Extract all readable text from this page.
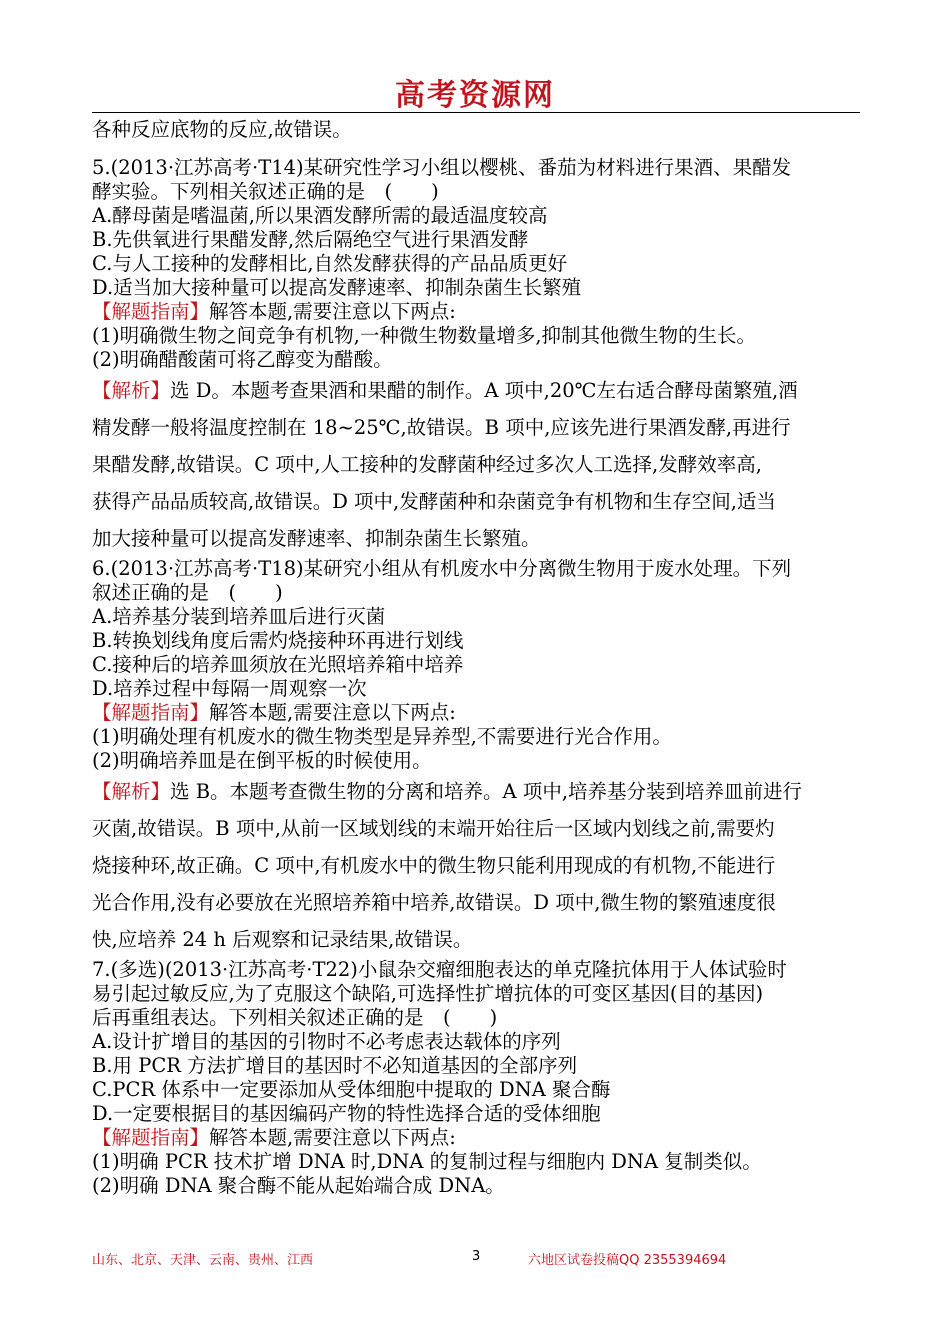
高考资源网
各种反应底物的反应,故错误。
5.(2013·江苏高考·T14)某研究性学习小组以樱桃、番茄为材料进行果酒、果醋发
酵实验。下列相关叙述正确的是　(　　)
A.酵母菌是嗜温菌,所以果酒发酵所需的最适温度较高
B.先供氧进行果醋发酵,然后隔绝空气进行果酒发酵
C.与人工接种的发酵相比,自然发酵获得的产品品质更好
D.适当加大接种量可以提高发酵速率、抑制杂菌生长繁殖
【解题指南】解答本题,需要注意以下两点:
(1)明确微生物之间竞争有机物,一种微生物数量增多,抑制其他微生物的生长。
(2)明确醋酸菌可将乙醇变为醋酸。
【解析】选 D。本题考查果酒和果醋的制作。A 项中,20℃左右适合酵母菌繁殖,酒
精发酵一般将温度控制在 18~25℃,故错误。B 项中,应该先进行果酒发酵,再进行
果醋发酵,故错误。C 项中,人工接种的发酵菌种经过多次人工选择,发酵效率高,
获得产品品质较高,故错误。D 项中,发酵菌种和杂菌竞争有机物和生存空间,适当
加大接种量可以提高发酵速率、抑制杂菌生长繁殖。
6.(2013·江苏高考·T18)某研究小组从有机废水中分离微生物用于废水处理。下列
叙述正确的是　(　　)
A.培养基分装到培养皿后进行灭菌
B.转换划线角度后需灼烧接种环再进行划线
C.接种后的培养皿须放在光照培养箱中培养
D.培养过程中每隔一周观察一次
【解题指南】解答本题,需要注意以下两点:
(1)明确处理有机废水的微生物类型是异养型,不需要进行光合作用。
(2)明确培养皿是在倒平板的时候使用。
【解析】选 B。本题考查微生物的分离和培养。A 项中,培养基分装到培养皿前进行
灭菌,故错误。B 项中,从前一区域划线的末端开始往后一区域内划线之前,需要灼
烧接种环,故正确。C 项中,有机废水中的微生物只能利用现成的有机物,不能进行
光合作用,没有必要放在光照培养箱中培养,故错误。D 项中,微生物的繁殖速度很
快,应培养 24 h 后观察和记录结果,故错误。
7.(多选)(2013·江苏高考·T22)小鼠杂交瘤细胞表达的单克隆抗体用于人体试验时
易引起过敏反应,为了克服这个缺陷,可选择性扩增抗体的可变区基因(目的基因)
后再重组表达。下列相关叙述正确的是　(　　)
A.设计扩增目的基因的引物时不必考虑表达载体的序列
B.用 PCR 方法扩增目的基因时不必知道基因的全部序列
C.PCR 体系中一定要添加从受体细胞中提取的 DNA 聚合酶
D.一定要根据目的基因编码产物的特性选择合适的受体细胞
【解题指南】解答本题,需要注意以下两点:
(1)明确 PCR 技术扩增 DNA 时,DNA 的复制过程与细胞内 DNA 复制类似。
(2)明确 DNA 聚合酶不能从起始端合成 DNA。
山东、北京、天津、云南、贵州、江西	3	六地区试卷投稿QQ 2355394694
